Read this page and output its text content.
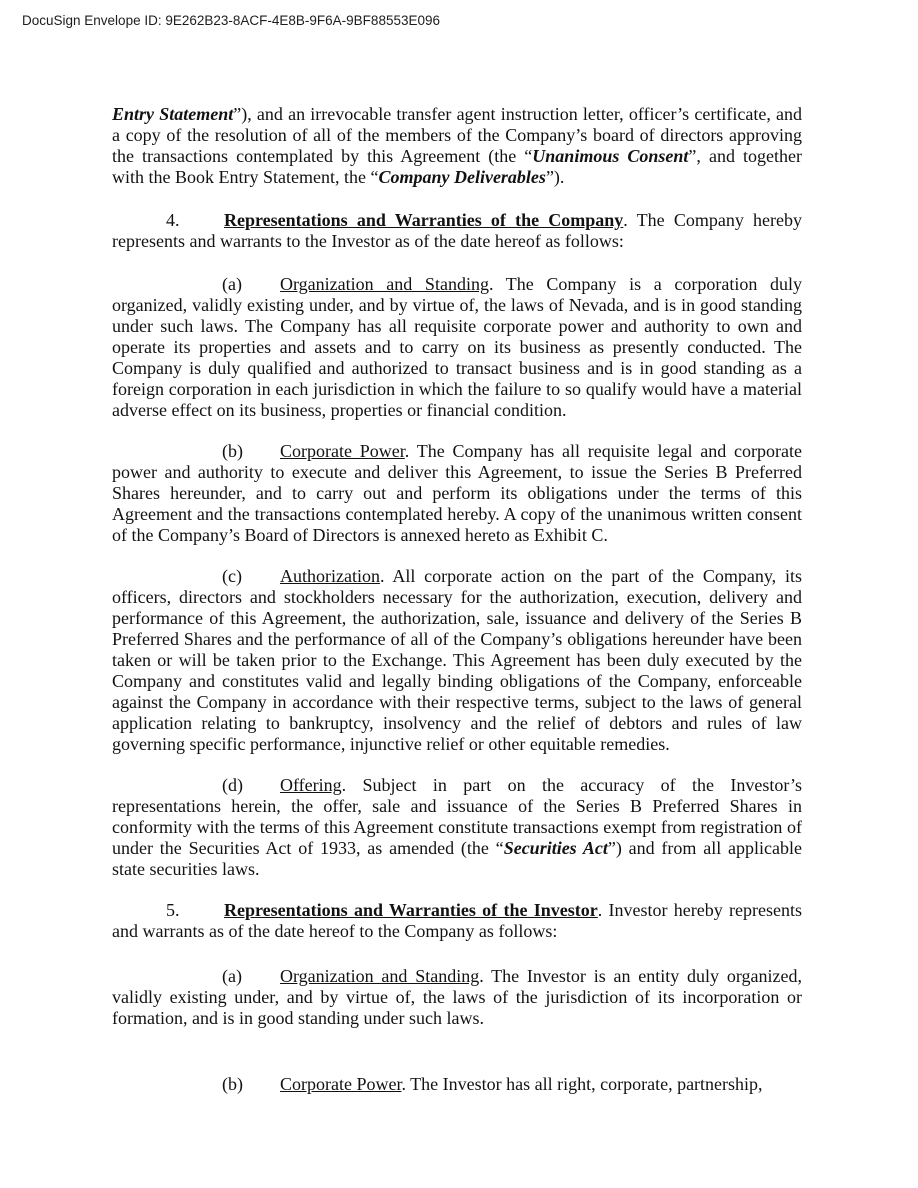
DocuSign Envelope ID: 9E262B23-8ACF-4E8B-9F6A-9BF88553E096

Entry Statement”), and an irrevocable transfer agent instruction letter, officer’s certificate, and a copy of the resolution of all of the members of the Company’s board of directors approving the transactions contemplated by this Agreement (the “Unanimous Consent”, and together with the Book Entry Statement, the “Company Deliverables”).

4. Representations and Warranties of the Company. The Company hereby represents and warrants to the Investor as of the date hereof as follows:

(a) Organization and Standing. The Company is a corporation duly organized, validly existing under, and by virtue of, the laws of Nevada, and is in good standing under such laws. The Company has all requisite corporate power and authority to own and operate its properties and assets and to carry on its business as presently conducted. The Company is duly qualified and authorized to transact business and is in good standing as a foreign corporation in each jurisdiction in which the failure to so qualify would have a material adverse effect on its business, properties or financial condition.

(b) Corporate Power. The Company has all requisite legal and corporate power and authority to execute and deliver this Agreement, to issue the Series B Preferred Shares hereunder, and to carry out and perform its obligations under the terms of this Agreement and the transactions contemplated hereby. A copy of the unanimous written consent of the Company’s Board of Directors is annexed hereto as Exhibit C.

(c) Authorization. All corporate action on the part of the Company, its officers, directors and stockholders necessary for the authorization, execution, delivery and performance of this Agreement, the authorization, sale, issuance and delivery of the Series B Preferred Shares and the performance of all of the Company’s obligations hereunder have been taken or will be taken prior to the Exchange. This Agreement has been duly executed by the Company and constitutes valid and legally binding obligations of the Company, enforceable against the Company in accordance with their respective terms, subject to the laws of general application relating to bankruptcy, insolvency and the relief of debtors and rules of law governing specific performance, injunctive relief or other equitable remedies.

(d) Offering. Subject in part on the accuracy of the Investor’s representations herein, the offer, sale and issuance of the Series B Preferred Shares in conformity with the terms of this Agreement constitute transactions exempt from registration of under the Securities Act of 1933, as amended (the “Securities Act”) and from all applicable state securities laws.

5. Representations and Warranties of the Investor. Investor hereby represents and warrants as of the date hereof to the Company as follows:

(a) Organization and Standing. The Investor is an entity duly organized, validly existing under, and by virtue of, the laws of the jurisdiction of its incorporation or formation, and is in good standing under such laws.

(b) Corporate Power. The Investor has all right, corporate, partnership,
